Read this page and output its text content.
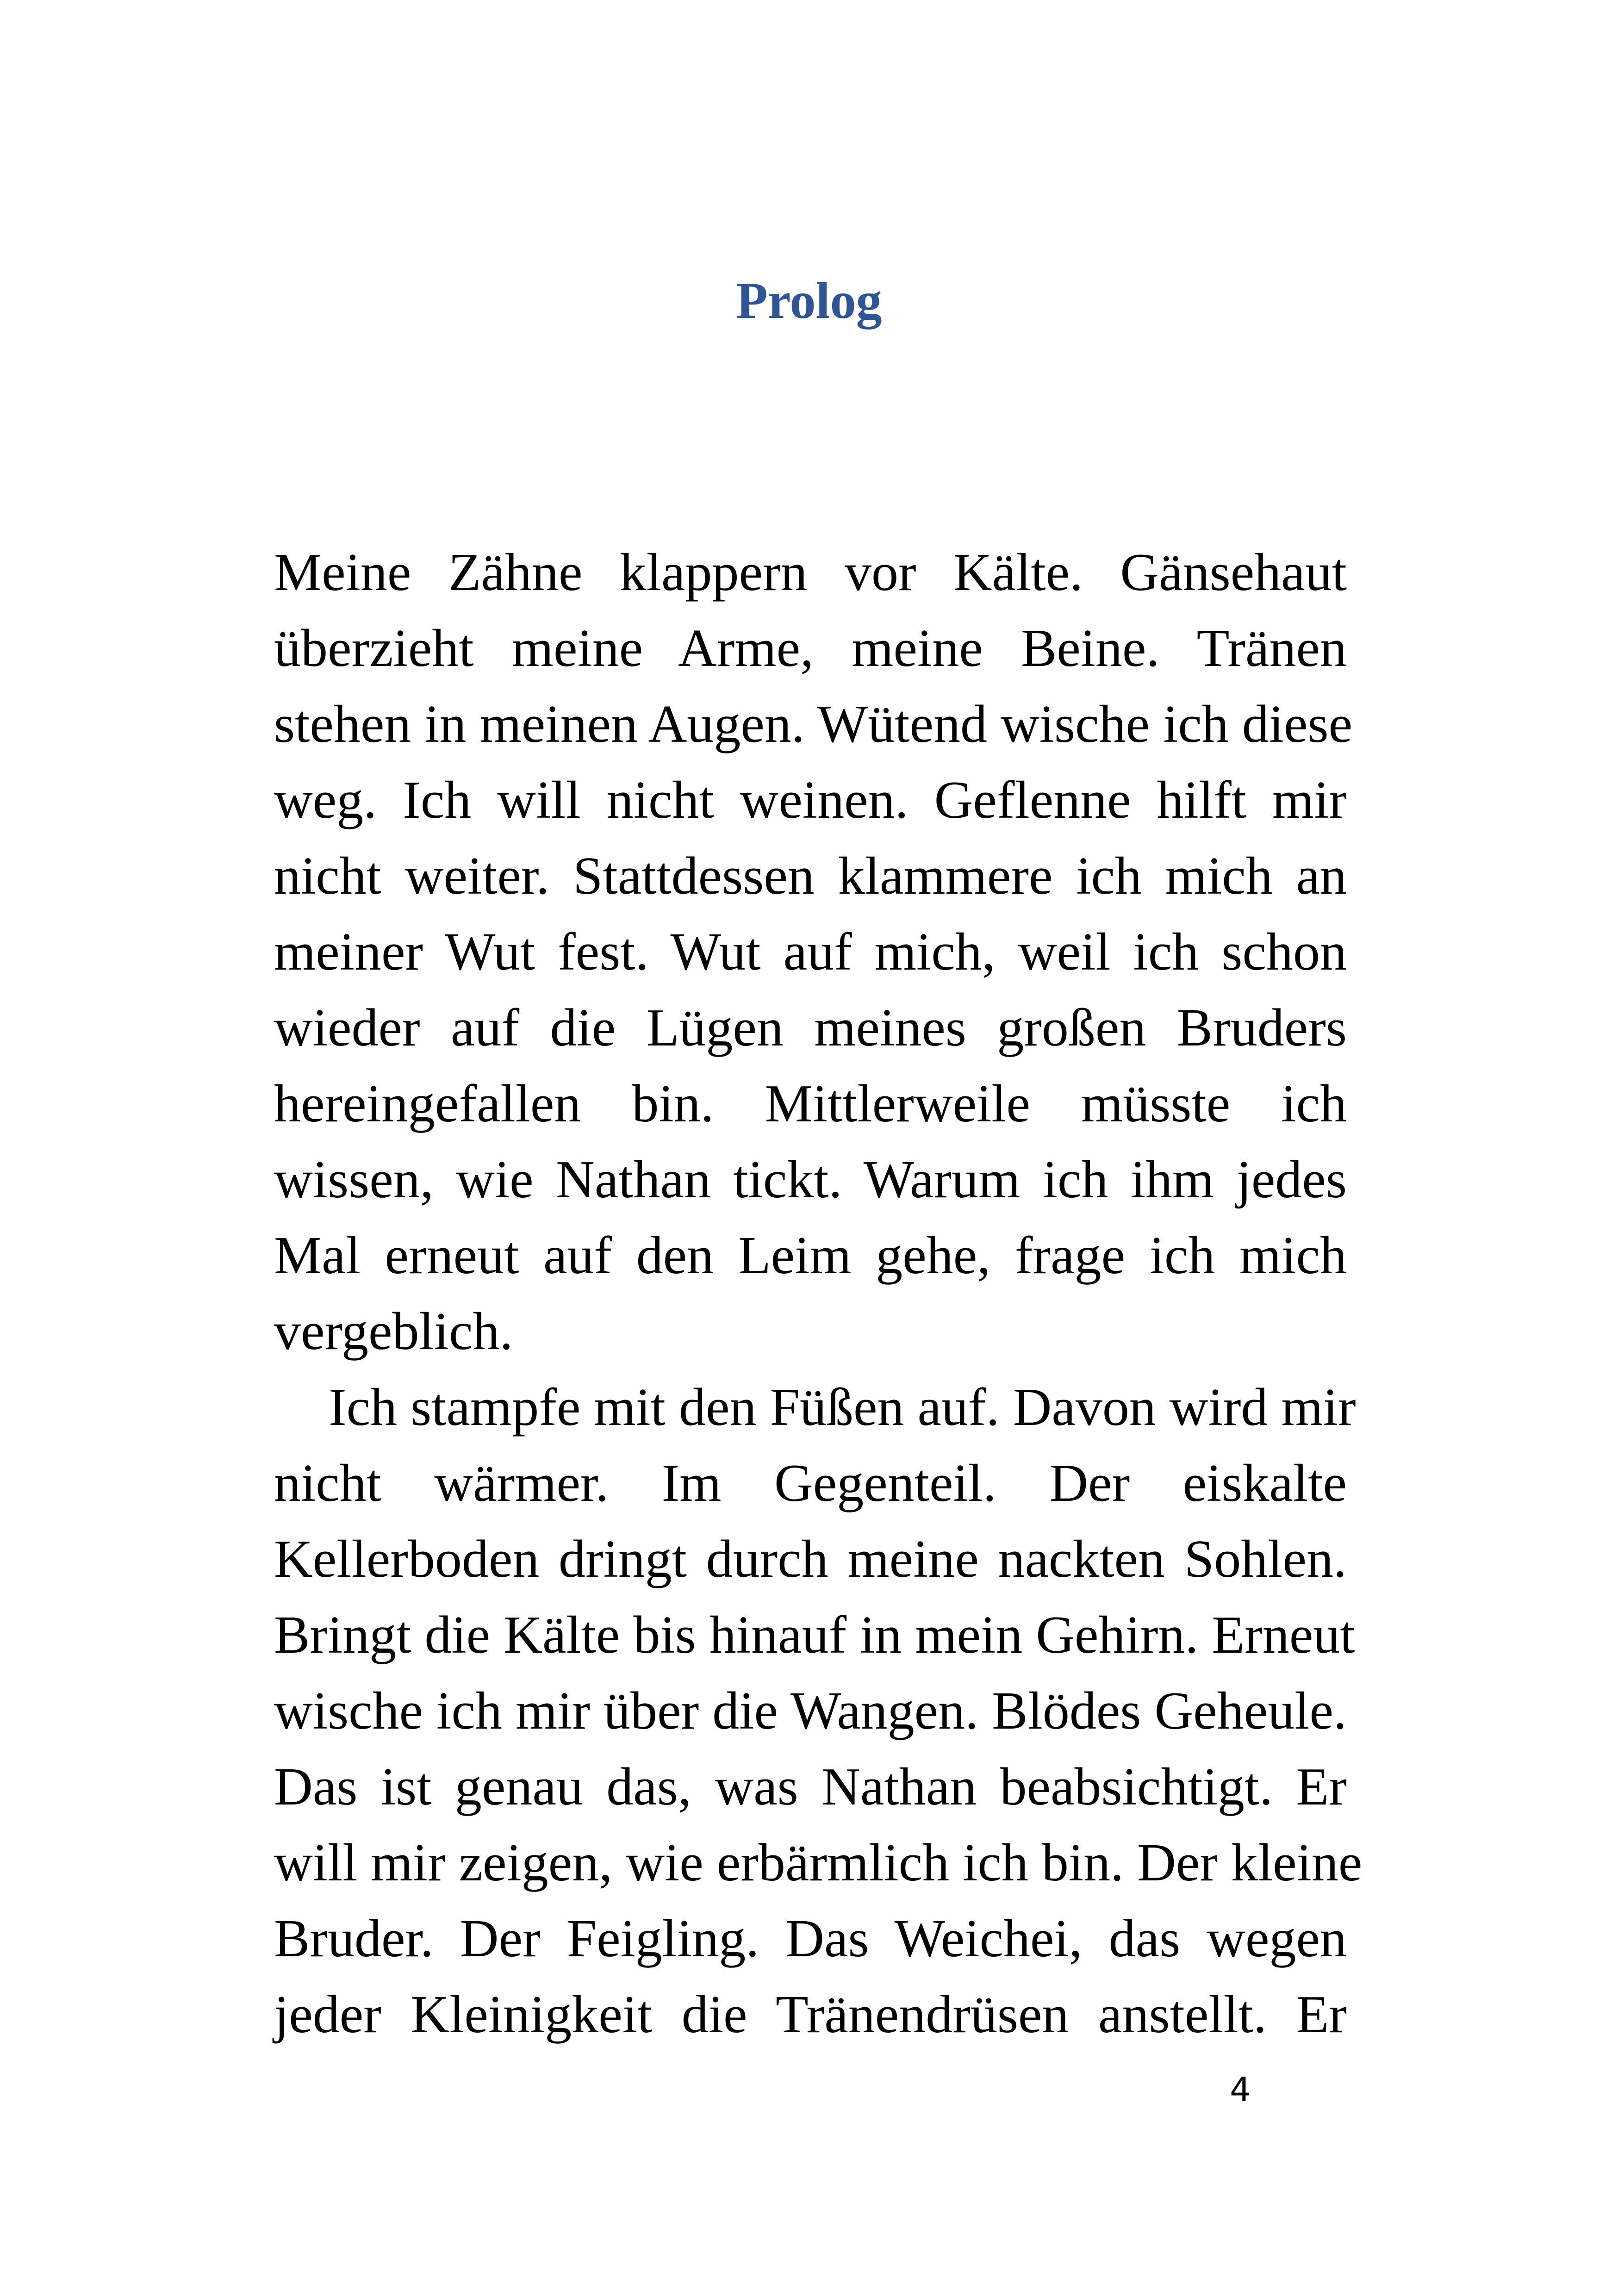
Prolog
Meine Zähne klappern vor Kälte. Gänsehaut
überzieht meine Arme, meine Beine. Tränen
stehen in meinen Augen. Wütend wische ich diese
weg. Ich will nicht weinen. Geflenne hilft mir
nicht weiter. Stattdessen klammere ich mich an
meiner Wut fest. Wut auf mich, weil ich schon
wieder auf die Lügen meines großen Bruders
hereingefallen bin. Mittlerweile müsste ich
wissen, wie Nathan tickt. Warum ich ihm jedes
Mal erneut auf den Leim gehe, frage ich mich
vergeblich.
Ich stampfe mit den Füßen auf. Davon wird mir
nicht wärmer. Im Gegenteil. Der eiskalte
Kellerboden dringt durch meine nackten Sohlen.
Bringt die Kälte bis hinauf in mein Gehirn. Erneut
wische ich mir über die Wangen. Blödes Geheule.
Das ist genau das, was Nathan beabsichtigt. Er
will mir zeigen, wie erbärmlich ich bin. Der kleine
Bruder. Der Feigling. Das Weichei, das wegen
jeder Kleinigkeit die Tränendrüsen anstellt. Er
4
